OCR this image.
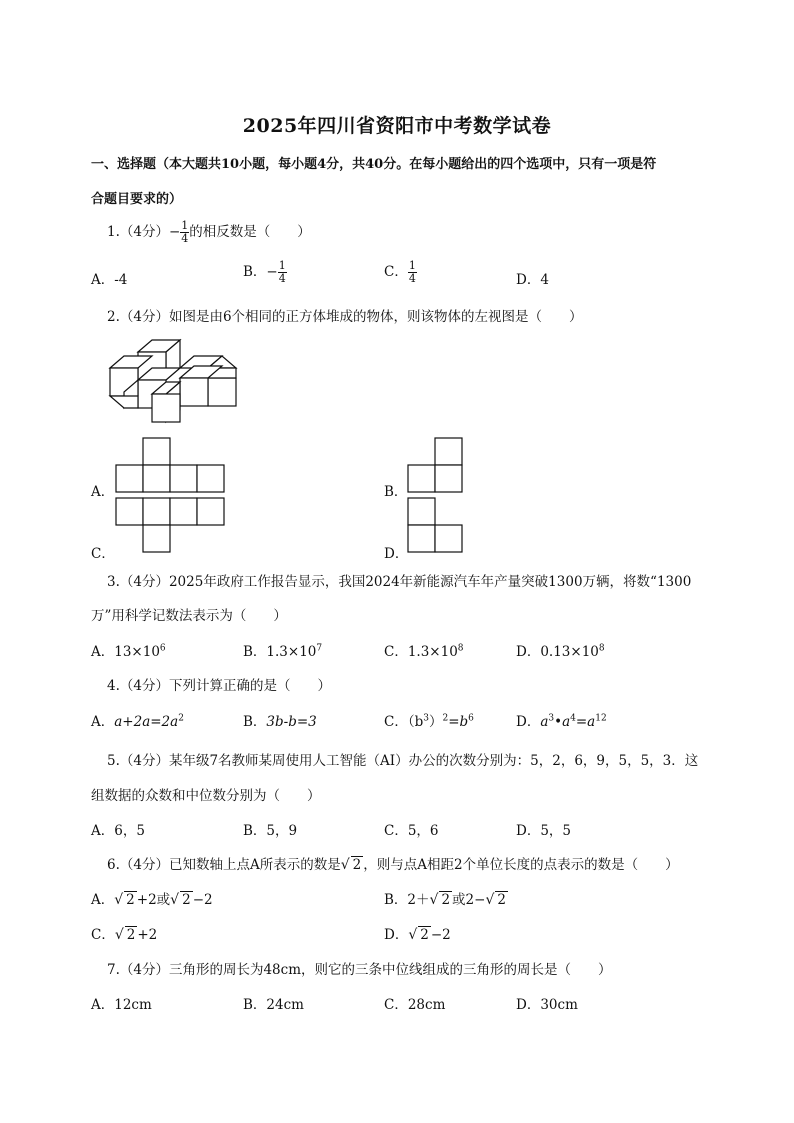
2025年四川省资阳市中考数学试卷
一、选择题（本大题共10小题，每小题4分，共40分。在每小题给出的四个选项中，只有一项是符
合题目要求的）
1.（4分）− $\frac{1}{4}$ 的相反数是（　　）
A．-4	B．− $\frac{1}{4}$	C． $\frac{1}{4}$	D．4
2.（4分）如图是由6个相同的正方体堆成的物体，则该物体的左视图是（　　）
A．	B．
C．	D．
3.（4分）2025年政府工作报告显示，我国2024年新能源汽车年产量突破1300万辆，将数“1300
万”用科学记数法表示为（　　）
A．$13\times 10^6$	B．$1.3\times 10^7$	C．$1.3\times 10^8$	D．$0.13\times 10^8$
4.（4分）下列计算正确的是（　　）
A．$a+2a=2a^2$	B．3b-b=3	C．$(b^3)^2=b^6$	D．$a^3•a^4=a^{12}$
5.（4分）某年级7名教师某周使用人工智能（AI）办公的次数分别为：5，2，6，9，5，5，3．这
组数据的众数和中位数分别为（　　）
A．6，5	B．5，9	C．5，6	D．5，5
6.（4分）已知数轴上点A所表示的数是√ 2 ，则与点A相距2个单位长度的点表示的数是（　　）
A．√ 2 +2或√ 2 −2	B．2＋√ 2 或2−√ 2
C．√ 2 +2	D．√ 2 −2
7.（4分）三角形的周长为48cm，则它的三条中位线组成的三角形的周长是（　　）
A．12cm	B．24cm	C．28cm	D．30cm
